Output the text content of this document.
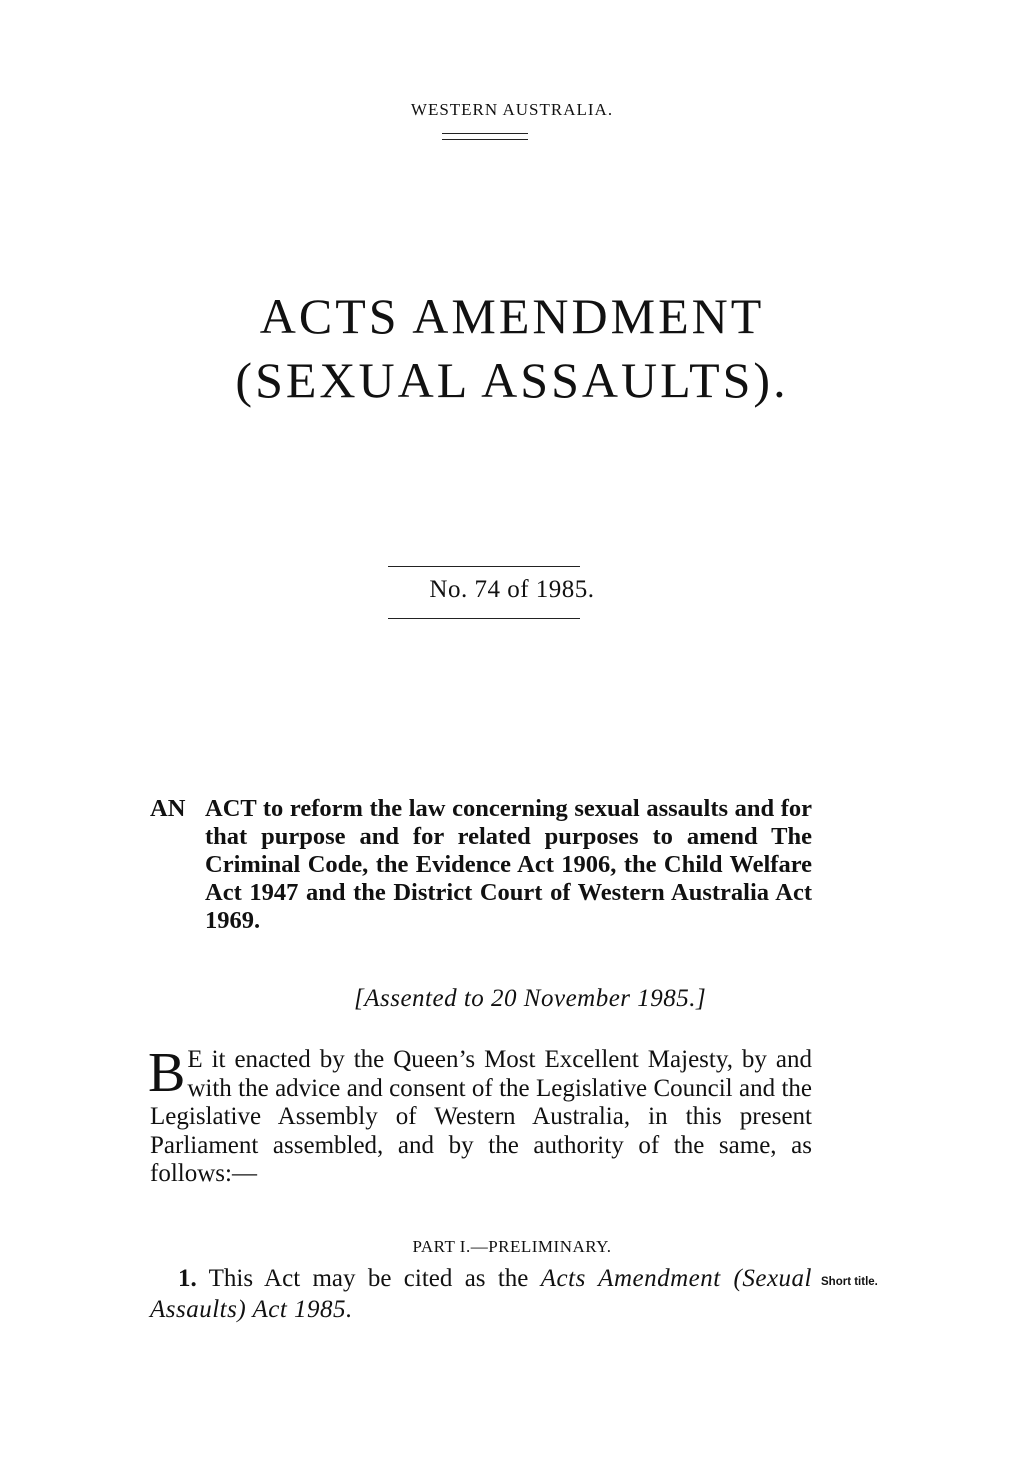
WESTERN AUSTRALIA.
ACTS AMENDMENT
(SEXUAL ASSAULTS).
No. 74 of 1985.
AN ACT to reform the law concerning sexual assaults and for that purpose and for related purposes to amend The Criminal Code, the Evidence Act 1906, the Child Welfare Act 1947 and the District Court of Western Australia Act 1969.
[Assented to 20 November 1985.]
B E it enacted by the Queen’s Most Excellent Majesty, by and with the advice and consent of the Legislative Council and the Legislative Assembly of Western Australia, in this present Parliament assembled, and by the authority of the same, as follows:—
PART I.—PRELIMINARY.
1. This Act may be cited as the Acts Amendment (Sexual Assaults) Act 1985.
Short title.
